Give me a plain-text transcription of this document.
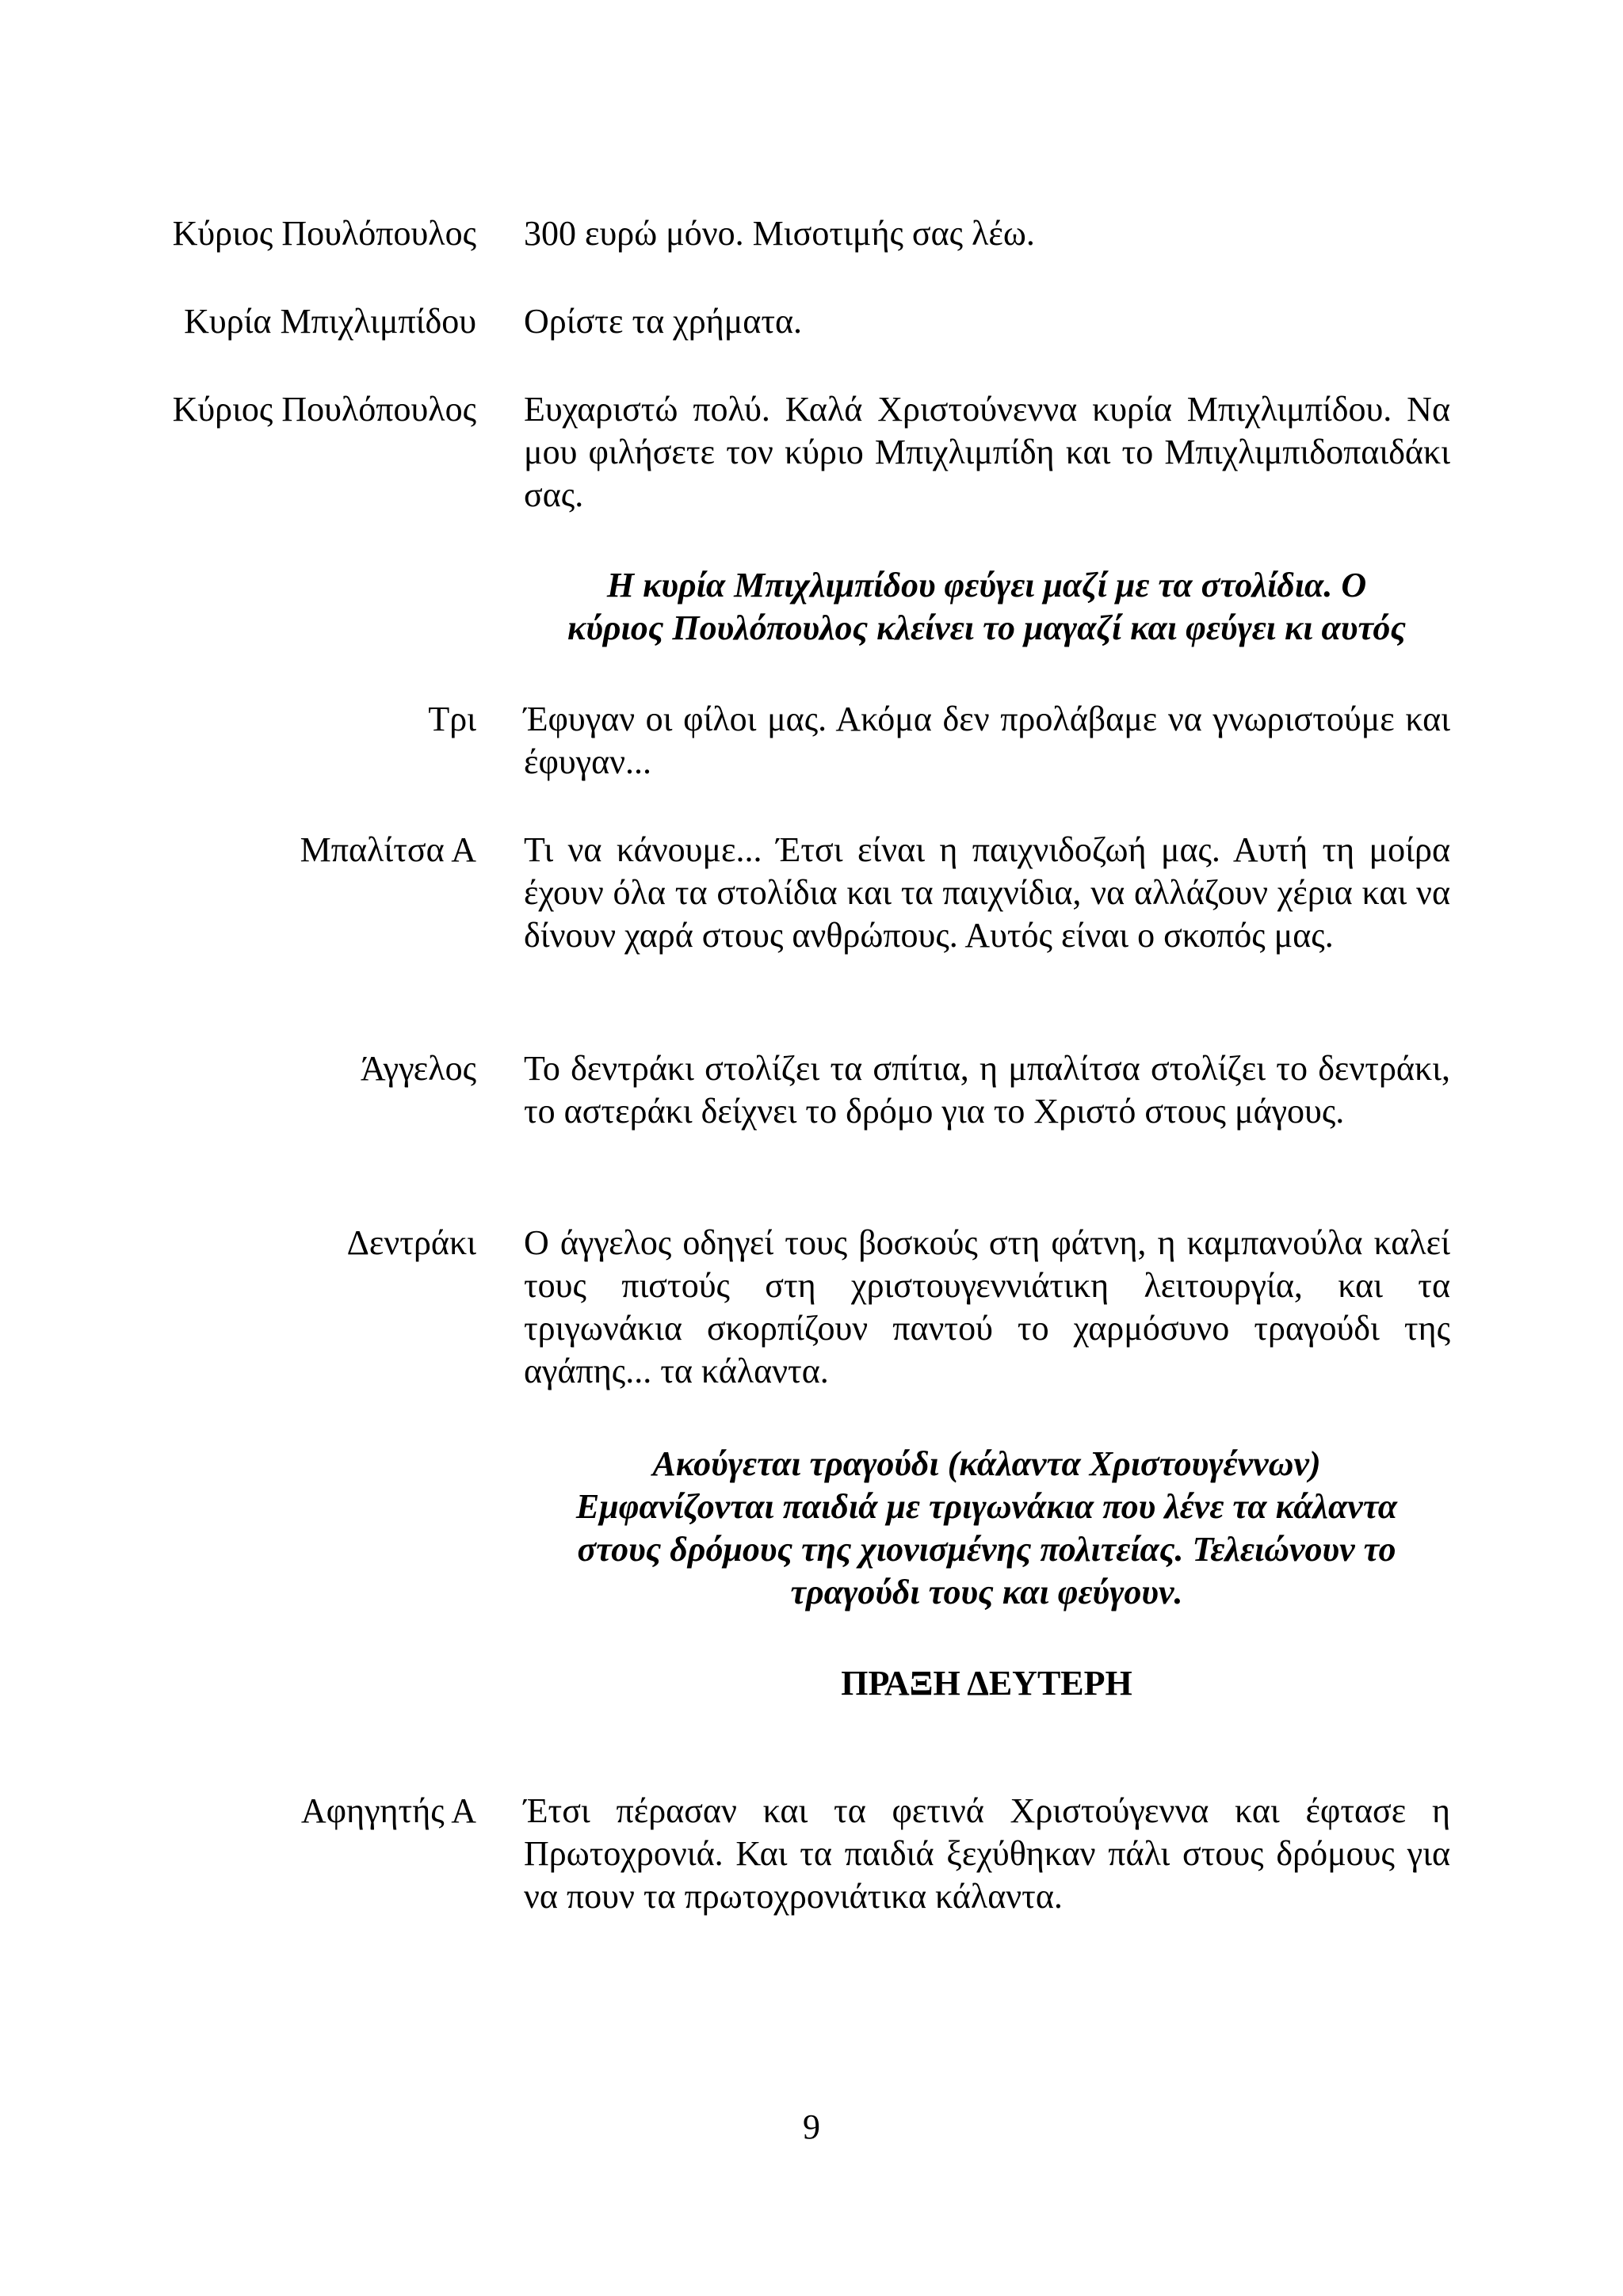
Κύριος Πουλόπουλος 300 ευρώ μόνο. Μισοτιμής σας λέω.
Κυρία Μπιχλιμπίδου Ορίστε τα χρήματα.
Κύριος Πουλόπουλος Ευχαριστώ πολύ. Καλά Χριστούνεννα κυρία Μπιχλιμπίδου. Να μου φιλήσετε τον κύριο Μπιχλιμπίδη και το Μπιχλιμπιδοπαιδάκι σας.
Η κυρία Μπιχλιμπίδου φεύγει μαζί με τα στολίδια. Ο
κύριος Πουλόπουλος κλείνει το μαγαζί και φεύγει κι αυτός
Τρι Έφυγαν οι φίλοι μας. Ακόμα δεν προλάβαμε να γνωριστούμε και έφυγαν...
Μπαλίτσα Α Τι να κάνουμε... Έτσι είναι η παιχνιδοζωή μας. Αυτή τη μοίρα έχουν όλα τα στολίδια και τα παιχνίδια, να αλλάζουν χέρια και να δίνουν χαρά στους ανθρώπους. Αυτός είναι ο σκοπός μας.
Άγγελος Το δεντράκι στολίζει τα σπίτια, η μπαλίτσα στολίζει το δεντράκι, το αστεράκι δείχνει το δρόμο για το Χριστό στους μάγους.
Δεντράκι Ο άγγελος οδηγεί τους βοσκούς στη φάτνη, η καμπανούλα καλεί τους πιστούς στη χριστουγεννιάτικη λειτουργία, και τα τριγωνάκια σκορπίζουν παντού το χαρμόσυνο τραγούδι της αγάπης... τα κάλαντα.
Ακούγεται τραγούδι (κάλαντα Χριστουγέννων)
Εμφανίζονται παιδιά με τριγωνάκια που λένε τα κάλαντα
στους δρόμους της χιονισμένης πολιτείας. Τελειώνουν το
τραγούδι τους και φεύγουν.
ΠΡΑΞΗ ΔΕΥΤΕΡΗ
Αφηγητής Α Έτσι πέρασαν και τα φετινά Χριστούγεννα και έφτασε η Πρωτοχρονιά. Και τα παιδιά ξεχύθηκαν πάλι στους δρόμους για να πουν τα πρωτοχρονιάτικα κάλαντα.
9
